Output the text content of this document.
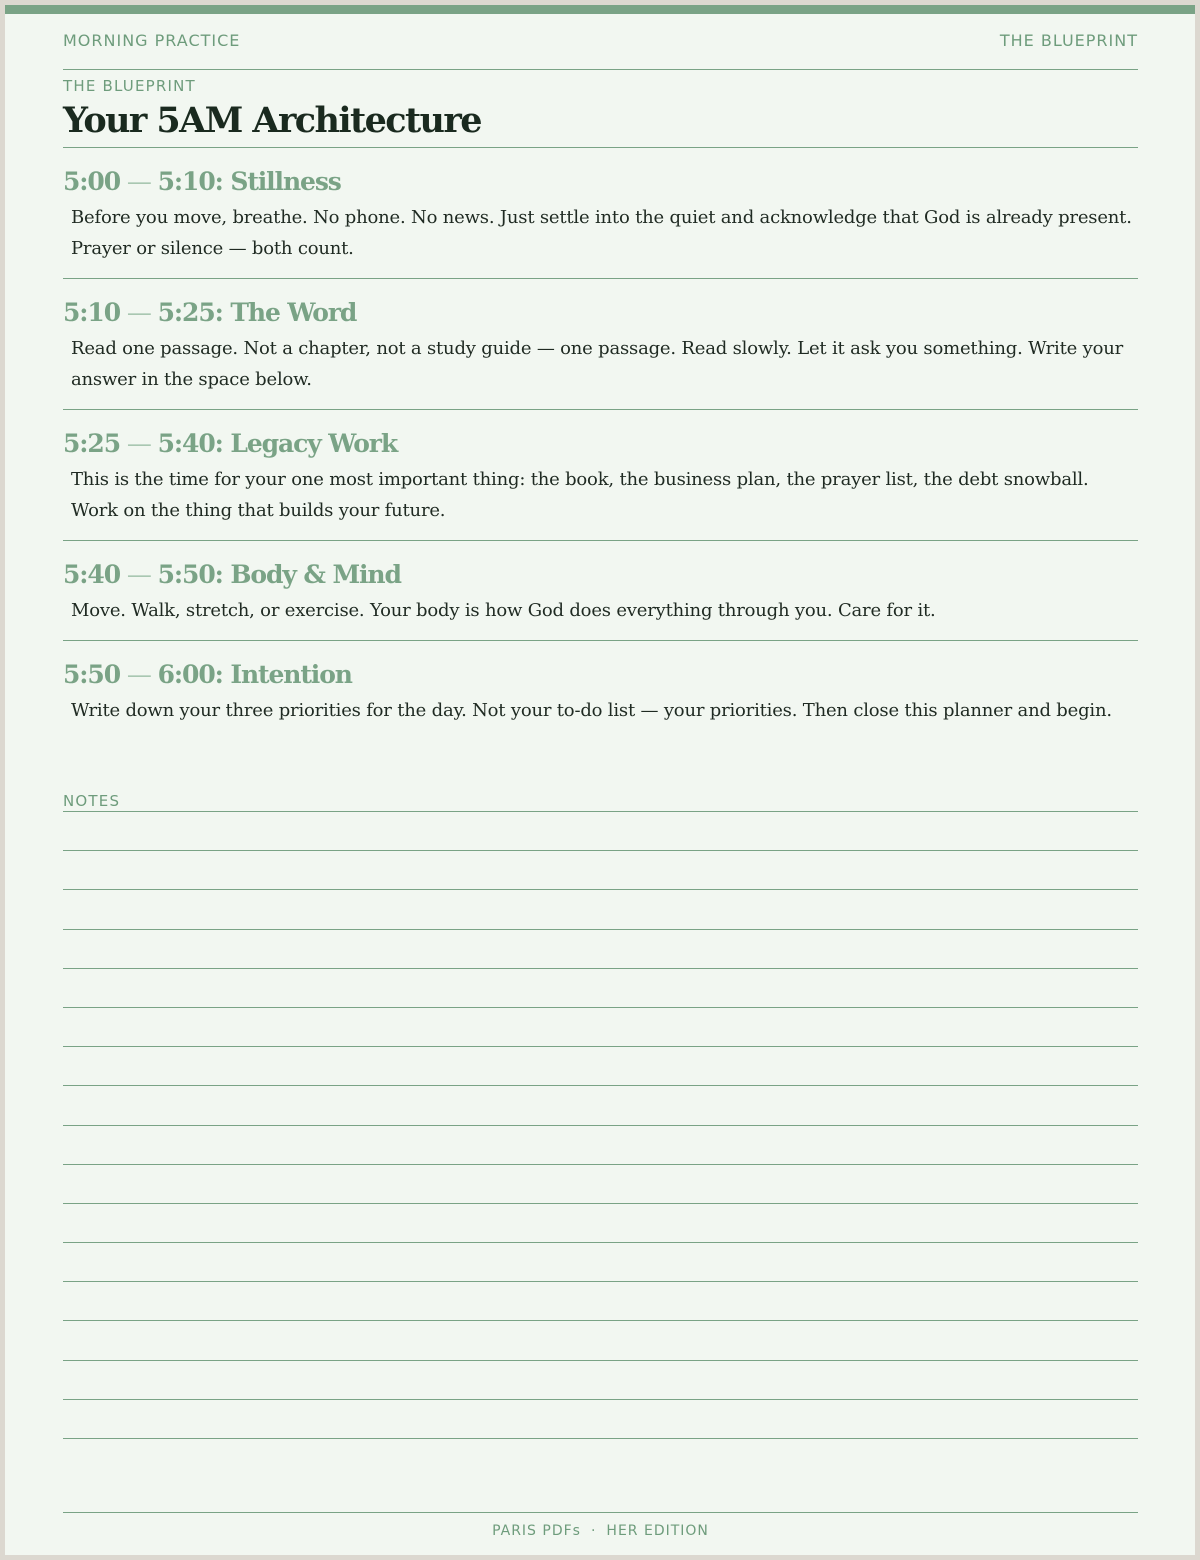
MORNING PRACTICE	THE BLUEPRINT
THE BLUEPRINT
Your 5AM Architecture
5:00 — 5:10: Stillness

Before you move, breathe. No phone. No news. Just settle into the quiet and acknowledge that God is already present. Prayer or silence — both count.

5:10 — 5:25: The Word

Read one passage. Not a chapter, not a study guide — one passage. Read slowly. Let it ask you something. Write your answer in the space below.

5:25 — 5:40: Legacy Work

This is the time for your one most important thing: the book, the business plan, the prayer list, the debt snowball. Work on the thing that builds your future.

5:40 — 5:50: Body & Mind

Move. Walk, stretch, or exercise. Your body is how God does everything through you. Care for it.

5:50 — 6:00: Intention

Write down your three priorities for the day. Not your to-do list — your priorities. Then close this planner and begin.

NOTES
PARIS PDFs · HER EDITION
